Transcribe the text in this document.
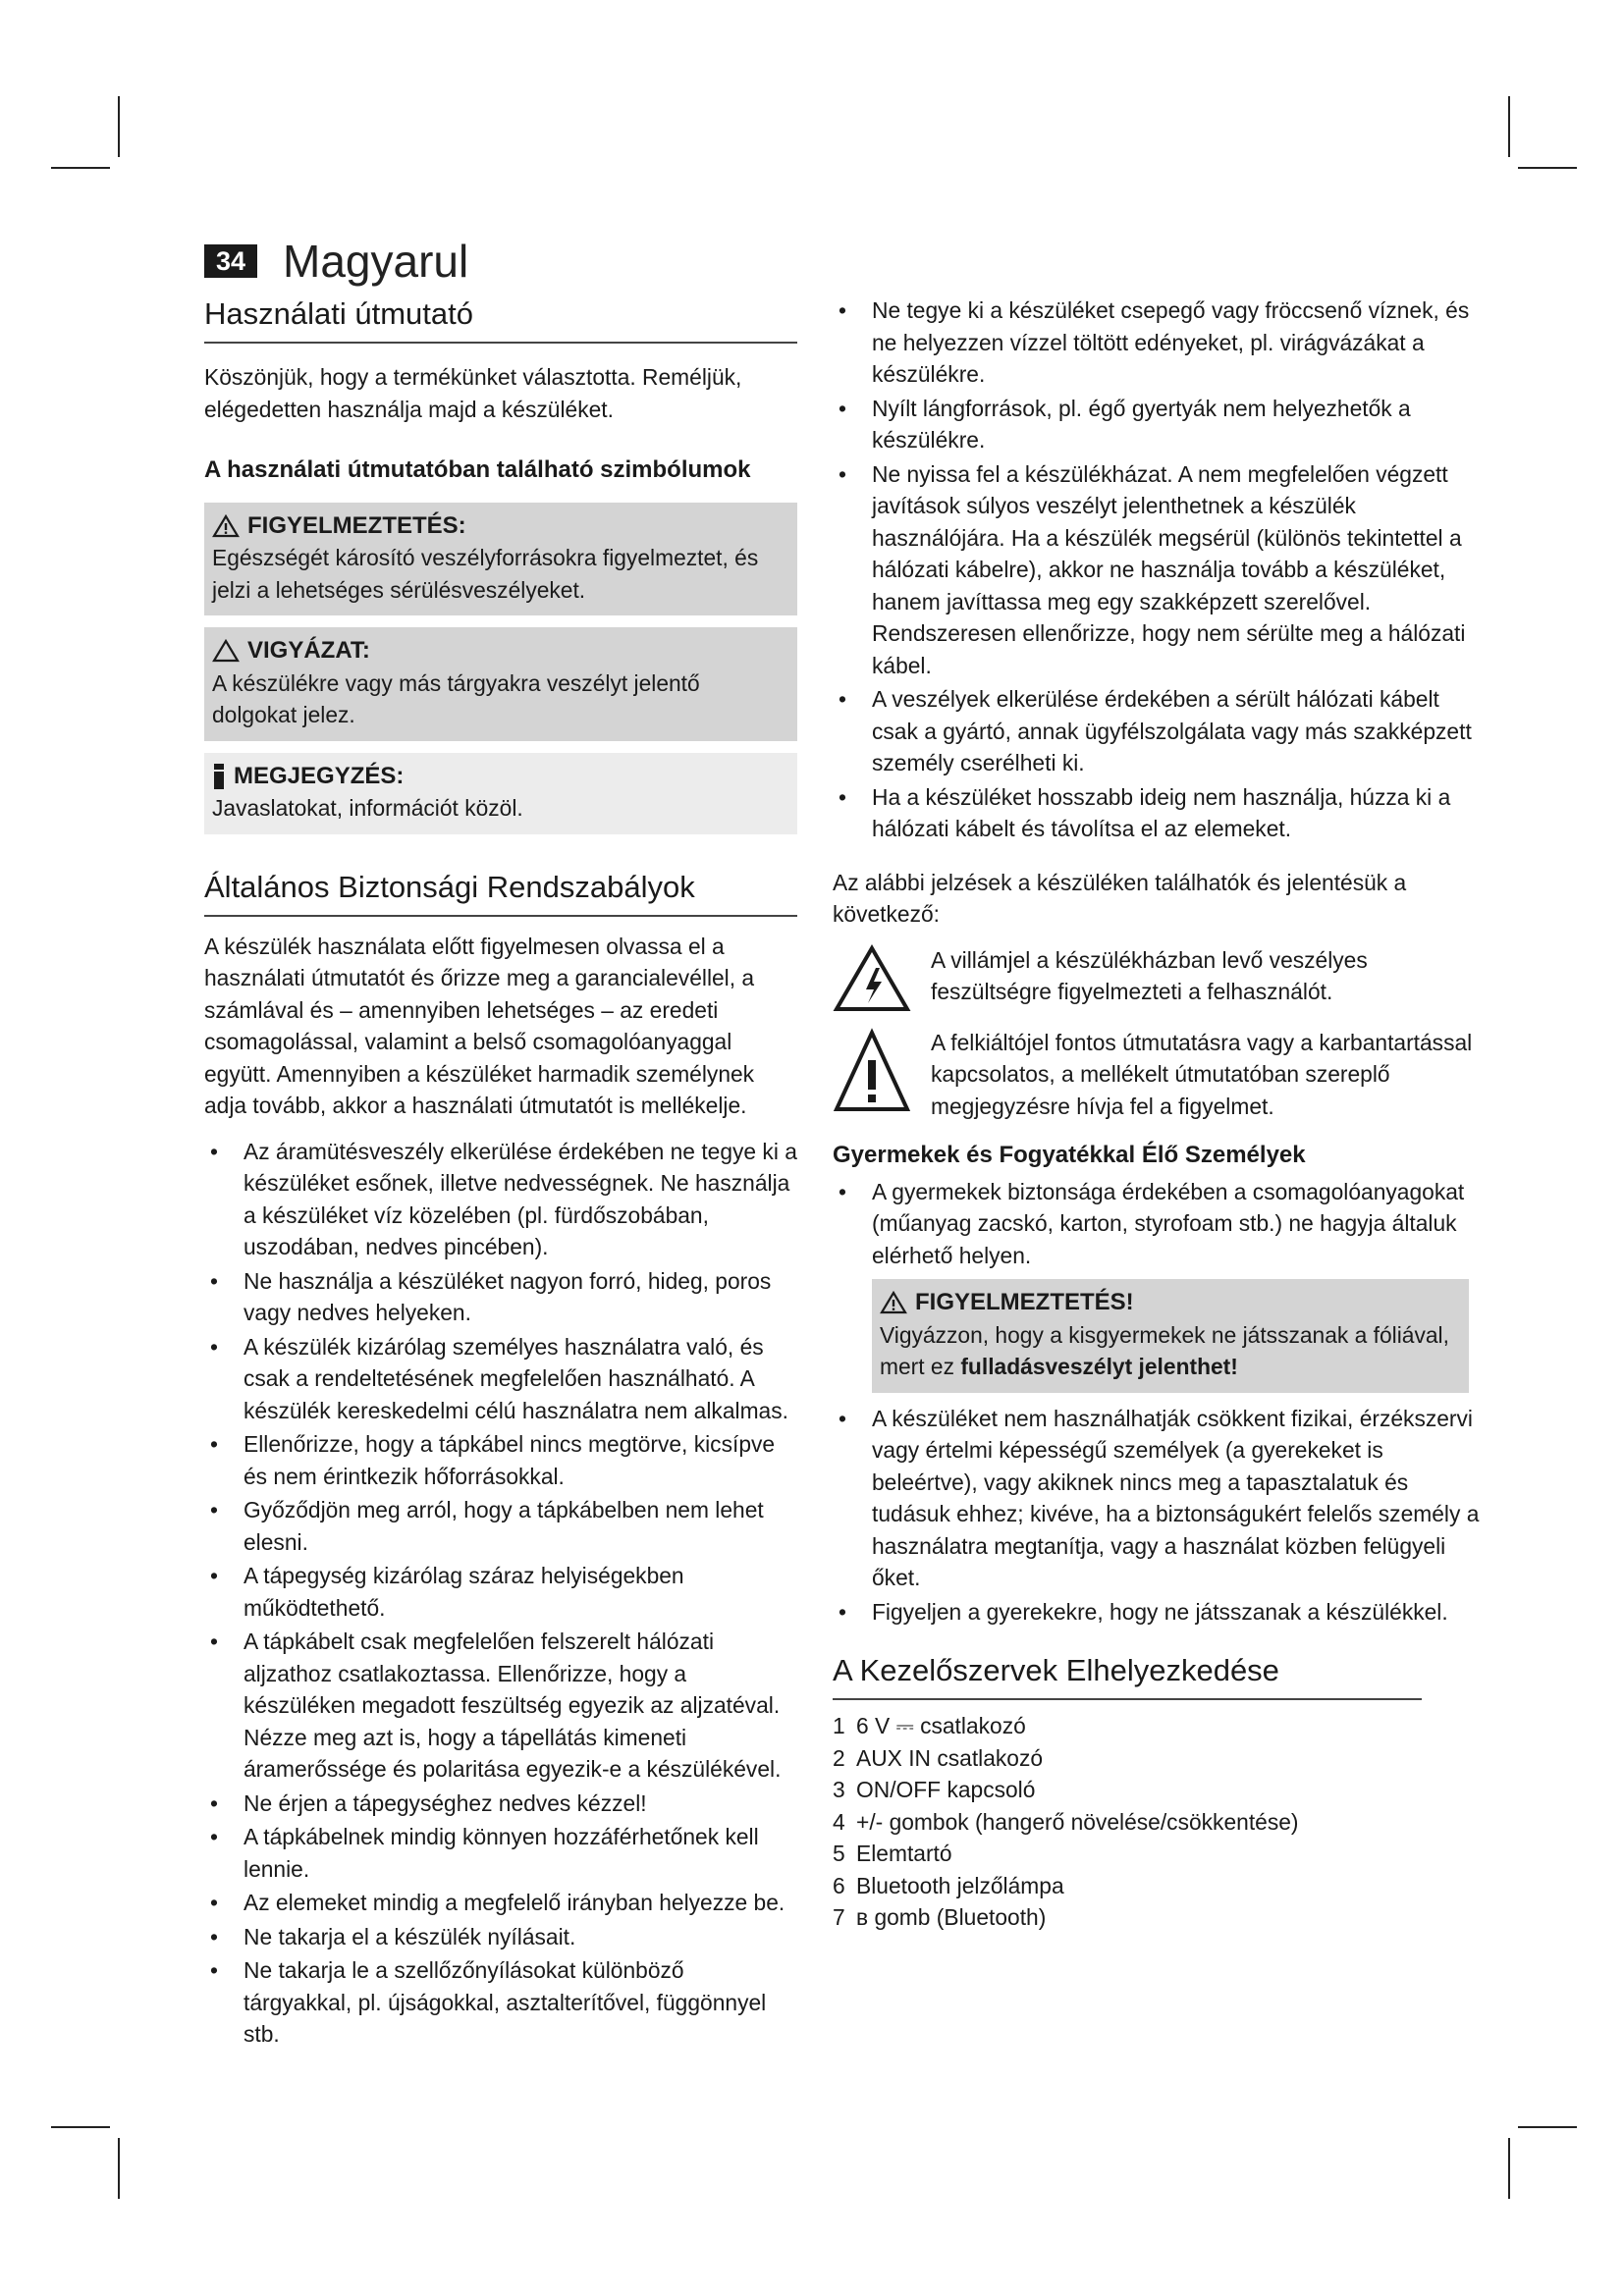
34 Magyarul
Használati útmutató

Köszönjük, hogy a termékünket választotta. Reméljük, elégedetten használja majd a készüléket.

A használati útmutatóban található szimbólumok
FIGYELMEZTETÉS:

Egészségét károsító veszélyforrásokra figyelmeztet, és jelzi a lehetséges sérülésveszélyeket.

VIGYÁZAT:

A készülékre vagy más tárgyakra veszélyt jelentő dolgokat jelez.

MEGJEGYZÉS:

Javaslatokat, információt közöl.

Általános Biztonsági Rendszabályok

A készülék használata előtt figyelmesen olvassa el a használati útmutatót és őrizze meg a garancialevéllel, a számlával és – amennyiben lehetséges – az eredeti csomagolással, valamint a belső csomagolóanyaggal együtt. Amennyiben a készüléket harmadik személynek adja tovább, akkor a használati útmutatót is mellékelje.

• Az áramütésveszély elkerülése érdekében ne tegye ki a készüléket esőnek, illetve nedvességnek. Ne használja a készüléket víz közelében (pl. fürdőszobában, uszodában, nedves pincében).
• Ne használja a készüléket nagyon forró, hideg, poros vagy nedves helyeken.
• A készülék kizárólag személyes használatra való, és csak a rendeltetésének megfelelően használható. A készülék kereskedelmi célú használatra nem alkalmas.
• Ellenőrizze, hogy a tápkábel nincs megtörve, kicsípve és nem érintkezik hőforrásokkal.
• Győződjön meg arról, hogy a tápkábelben nem lehet elesni.
• A tápegység kizárólag száraz helyiségekben működtethető.
• A tápkábelt csak megfelelően felszerelt hálózati aljzathoz csatlakoztassa. Ellenőrizze, hogy a készüléken megadott feszültség egyezik az aljzatéval. Nézze meg azt is, hogy a tápellátás kimeneti áramerőssége és polaritása egyezik-e a készülékével.
• Ne érjen a tápegységhez nedves kézzel!
• A tápkábelnek mindig könnyen hozzáférhetőnek kell lennie.
• Az elemeket mindig a megfelelő irányban helyezze be.
• Ne takarja el a készülék nyílásait.
• Ne takarja le a szellőzőnyílásokat különböző tárgyakkal, pl. újságokkal, asztalterítővel, függönnyel stb.
• Ne tegye ki a készüléket csepegő vagy fröccsenő víznek, és ne helyezzen vízzel töltött edényeket, pl. virágvázákat a készülékre.
• Nyílt lángforrások, pl. égő gyertyák nem helyezhetők a készülékre.
• Ne nyissa fel a készülékházat. A nem megfelelően végzett javítások súlyos veszélyt jelenthetnek a készülék használójára. Ha a készülék megsérül (különös tekintettel a hálózati kábelre), akkor ne használja tovább a készüléket, hanem javíttassa meg egy szakképzett szerelővel. Rendszeresen ellenőrizze, hogy nem sérülte meg a hálózati kábel.
• A veszélyek elkerülése érdekében a sérült hálózati kábelt csak a gyártó, annak ügyfélszolgálata vagy más szakképzett személy cserélheti ki.
• Ha a készüléket hosszabb ideig nem használja, húzza ki a hálózati kábelt és távolítsa el az elemeket.

Az alábbi jelzések a készüléken találhatók és jelentésük a következő:

A villámjel a készülékházban levő veszélyes feszültségre figyelmezteti a felhasználót.

A felkiáltójel fontos útmutatásra vagy a karbantartással kapcsolatos, a mellékelt útmutatóban szereplő megjegyzésre hívja fel a figyelmet.

Gyermekek és Fogyatékkal Élő Személyek
• A gyermekek biztonsága érdekében a csomagolóanyagokat (műanyag zacskó, karton, styrofoam stb.) ne hagyja általuk elérhető helyen.
FIGYELMEZTETÉS!

Vigyázzon, hogy a kisgyermekek ne játsszanak a fóliával, mert ez fulladásveszélyt jelenthet!

• A készüléket nem használhatják csökkent fizikai, érzékszervi vagy értelmi képességű személyek (a gyerekeket is beleértve), vagy akiknek nincs meg a tapasztalatuk és tudásuk ehhez; kivéve, ha a biztonságukért felelős személy a használatra megtanítja, vagy a használat közben felügyeli őket.
• Figyeljen a gyerekekre, hogy ne játsszanak a készülékkel.
A Kezelőszervek Elhelyezkedése
1 6 V ⎓ csatlakozó
2 AUX IN csatlakozó
3 ON/OFF kapcsoló
4 +/- gombok (hangerő növelése/csökkentése)
5 Elemtartó
6 Bluetooth jelzőlámpa
7 ʙ gomb (Bluetooth)
